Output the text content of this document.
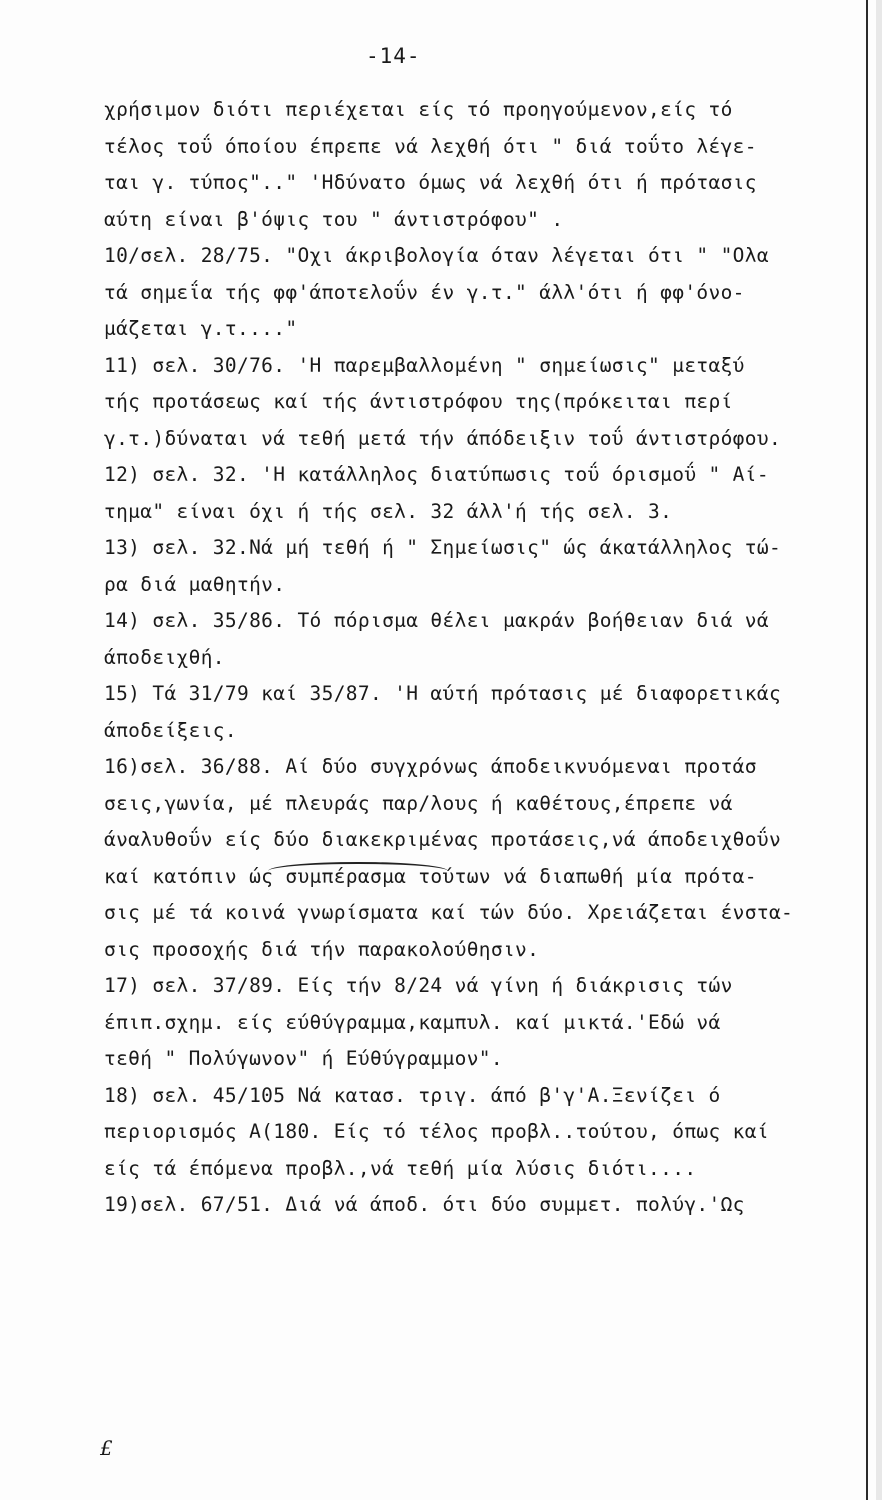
-14-
χρήσιμον διότι περιέχεται είς τό προηγούμενον,είς τό
τέλος τοΰ όποίου έπρεπε νά λεχθή ότι " διά τοΰτο λέγε-
ται γ. τύπος".." 'Ηδύνατο όμως νά λεχθή ότι ή πρότασις
αύτη είναι β'όψις του " άντιστρόφου" .
10/σελ. 28/75. "Οχι άκριβολογία όταν λέγεται ότι " "Ολα
τά σημεΐα τής φφ'άποτελοΰν έν γ.τ." άλλ'ότι ή φφ'όνο-
μάζεται γ.τ...."
11) σελ. 30/76. 'Η παρεμβαλλομένη " σημείωσις" μεταξύ
τής προτάσεως καί τής άντιστρόφου της(πρόκειται περί
γ.τ.)δύναται νά τεθή μετά τήν άπόδειξιν τοΰ άντιστρόφου.
12) σελ. 32. 'Η κατάλληλος διατύπωσις τοΰ όρισμοΰ " Αί-
τημα" είναι όχι ή τής σελ. 32 άλλ'ή τής σελ. 3.
13) σελ. 32.Νά μή τεθή ή " Σημείωσις" ώς άκατάλληλος τώ-
ρα διά μαθητήν.
14) σελ. 35/86. Τό πόρισμα θέλει μακράν βοήθειαν διά νά
άποδειχθή.
15) Τά 31/79 καί 35/87. 'Η αύτή πρότασις μέ διαφορετικάς
άποδείξεις.
16)σελ. 36/88. Αί δύο συγχρόνως άποδεικνυόμεναι προτάσ
σεις,γωνία, μέ πλευράς παρ/λους ή καθέτους,έπρεπε νά
άναλυθοΰν είς δύο διακεκριμένας προτάσεις,νά άποδειχθοΰν
καί κατόπιν ώς συμπέρασμα τούτων νά διαπωθή μία πρότα-
σις μέ τά κοινά γνωρίσματα καί τών δύο. Χρειάζεται ένστα-
σις προσοχής διά τήν παρακολούθησιν.
17) σελ. 37/89. Είς τήν 8/24 νά γίνη ή διάκρισις τών
έπιπ.σχημ. είς εύθύγραμμα,καμπυλ. καί μικτά.'Εδώ νά
τεθή " Πολύγωνον" ή Εύθύγραμμον".
18) σελ. 45/105 Νά κατασ. τριγ. άπό β'γ'Α.Ξενίζει ό
περιορισμός Α(180. Είς τό τέλος προβλ..τούτου, όπως καί
είς τά έπόμενα προβλ.,νά τεθή μία λύσις διότι....
19)σελ. 67/51. Διά νά άποδ. ότι δύο συμμετ. πολύγ.'Ως
£
